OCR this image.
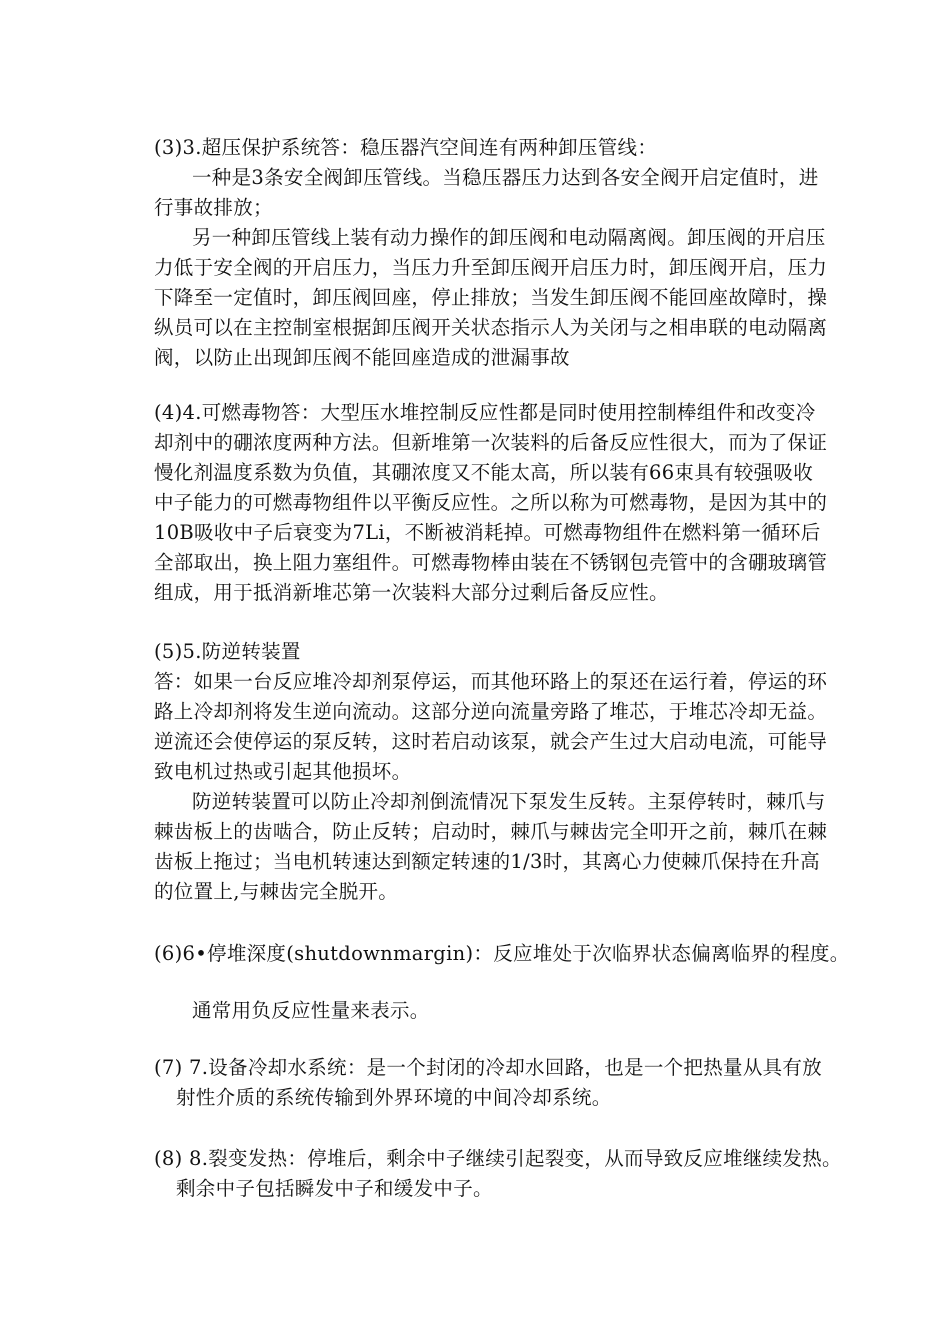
(3)3.超压保护系统答：稳压器汽空间连有两种卸压管线：
一种是3条安全阀卸压管线。当稳压器压力达到各安全阀开启定值时，进
行事故排放；
另一种卸压管线上装有动力操作的卸压阀和电动隔离阀。卸压阀的开启压
力低于安全阀的开启压力，当压力升至卸压阀开启压力时，卸压阀开启，压力
下降至一定值时，卸压阀回座，停止排放；当发生卸压阀不能回座故障时，操
纵员可以在主控制室根据卸压阀开关状态指示人为关闭与之相串联的电动隔离
阀，以防止出现卸压阀不能回座造成的泄漏事故
(4)4.可燃毒物答：大型压水堆控制反应性都是同时使用控制棒组件和改变冷
却剂中的硼浓度两种方法。但新堆第一次装料的后备反应性很大，而为了保证
慢化剂温度系数为负值，其硼浓度又不能太高，所以装有66束具有较强吸收
中子能力的可燃毒物组件以平衡反应性。之所以称为可燃毒物，是因为其中的
10B吸收中子后衰变为7Li，不断被消耗掉。可燃毒物组件在燃料第一循环后
全部取出，换上阻力塞组件。可燃毒物棒由装在不锈钢包壳管中的含硼玻璃管
组成，用于抵消新堆芯第一次装料大部分过剩后备反应性。
(5)5.防逆转装置
答：如果一台反应堆冷却剂泵停运，而其他环路上的泵还在运行着，停运的环
路上冷却剂将发生逆向流动。这部分逆向流量旁路了堆芯，于堆芯冷却无益。
逆流还会使停运的泵反转，这时若启动该泵，就会产生过大启动电流，可能导
致电机过热或引起其他损坏。
防逆转装置可以防止冷却剂倒流情况下泵发生反转。主泵停转时，棘爪与
棘齿板上的齿啮合，防止反转；启动时，棘爪与棘齿完全叩开之前，棘爪在棘
齿板上拖过；当电机转速达到额定转速的1/3时，其离心力使棘爪保持在升高
的位置上,与棘齿完全脱开。
(6)6•停堆深度(shutdownmargin)：反应堆处于次临界状态偏离临界的程度。
通常用负反应性量来表示。
(7) 7.设备冷却水系统：是一个封闭的冷却水回路，也是一个把热量从具有放
射性介质的系统传输到外界环境的中间冷却系统。
(8) 8.裂变发热：停堆后，剩余中子继续引起裂变，从而导致反应堆继续发热。
剩余中子包括瞬发中子和缓发中子。
